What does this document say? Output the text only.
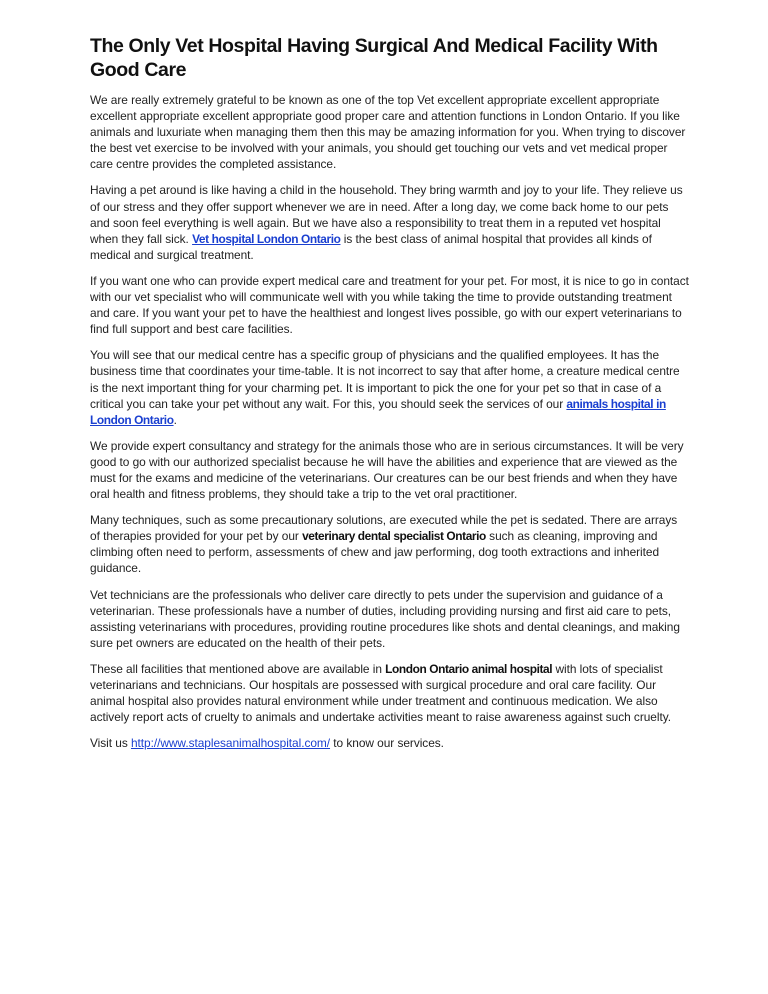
The Only Vet Hospital Having Surgical And Medical Facility With Good Care

We are really extremely grateful to be known as one of the top Vet excellent appropriate excellent appropriate excellent appropriate excellent appropriate good proper care and attention functions in London Ontario. If you like animals and luxuriate when managing them then this may be amazing information for you. When trying to discover the best vet exercise to be involved with your animals, you should get touching our vets and vet medical proper care centre provides the completed assistance.

Having a pet around is like having a child in the household. They bring warmth and joy to your life. They relieve us of our stress and they offer support whenever we are in need. After a long day, we come back home to our pets and soon feel everything is well again. But we have also a responsibility to treat them in a reputed vet hospital when they fall sick. Vet hospital London Ontario is the best class of animal hospital that provides all kinds of medical and surgical treatment.

If you want one who can provide expert medical care and treatment for your pet. For most, it is nice to go in contact with our vet specialist who will communicate well with you while taking the time to provide outstanding treatment and care. If you want your pet to have the healthiest and longest lives possible, go with our expert veterinarians to find full support and best care facilities.

You will see that our medical centre has a specific group of physicians and the qualified employees. It has the business time that coordinates your time-table. It is not incorrect to say that after home, a creature medical centre is the next important thing for your charming pet. It is important to pick the one for your pet so that in case of a critical you can take your pet without any wait. For this, you should seek the services of our animals hospital in London Ontario.

We provide expert consultancy and strategy for the animals those who are in serious circumstances. It will be very good to go with our authorized specialist because he will have the abilities and experience that are viewed as the must for the exams and medicine of the veterinarians. Our creatures can be our best friends and when they have oral health and fitness problems, they should take a trip to the vet oral practitioner.

Many techniques, such as some precautionary solutions, are executed while the pet is sedated. There are arrays of therapies provided for your pet by our veterinary dental specialist Ontario such as cleaning, improving and climbing often need to perform, assessments of chew and jaw performing, dog tooth extractions and inherited guidance.

Vet technicians are the professionals who deliver care directly to pets under the supervision and guidance of a veterinarian. These professionals have a number of duties, including providing nursing and first aid care to pets, assisting veterinarians with procedures, providing routine procedures like shots and dental cleanings, and making sure pet owners are educated on the health of their pets.

These all facilities that mentioned above are available in London Ontario animal hospital with lots of specialist veterinarians and technicians. Our hospitals are possessed with surgical procedure and oral care facility. Our animal hospital also provides natural environment while under treatment and continuous medication. We also actively report acts of cruelty to animals and undertake activities meant to raise awareness against such cruelty.

Visit us http://www.staplesanimalhospital.com/ to know our services.
